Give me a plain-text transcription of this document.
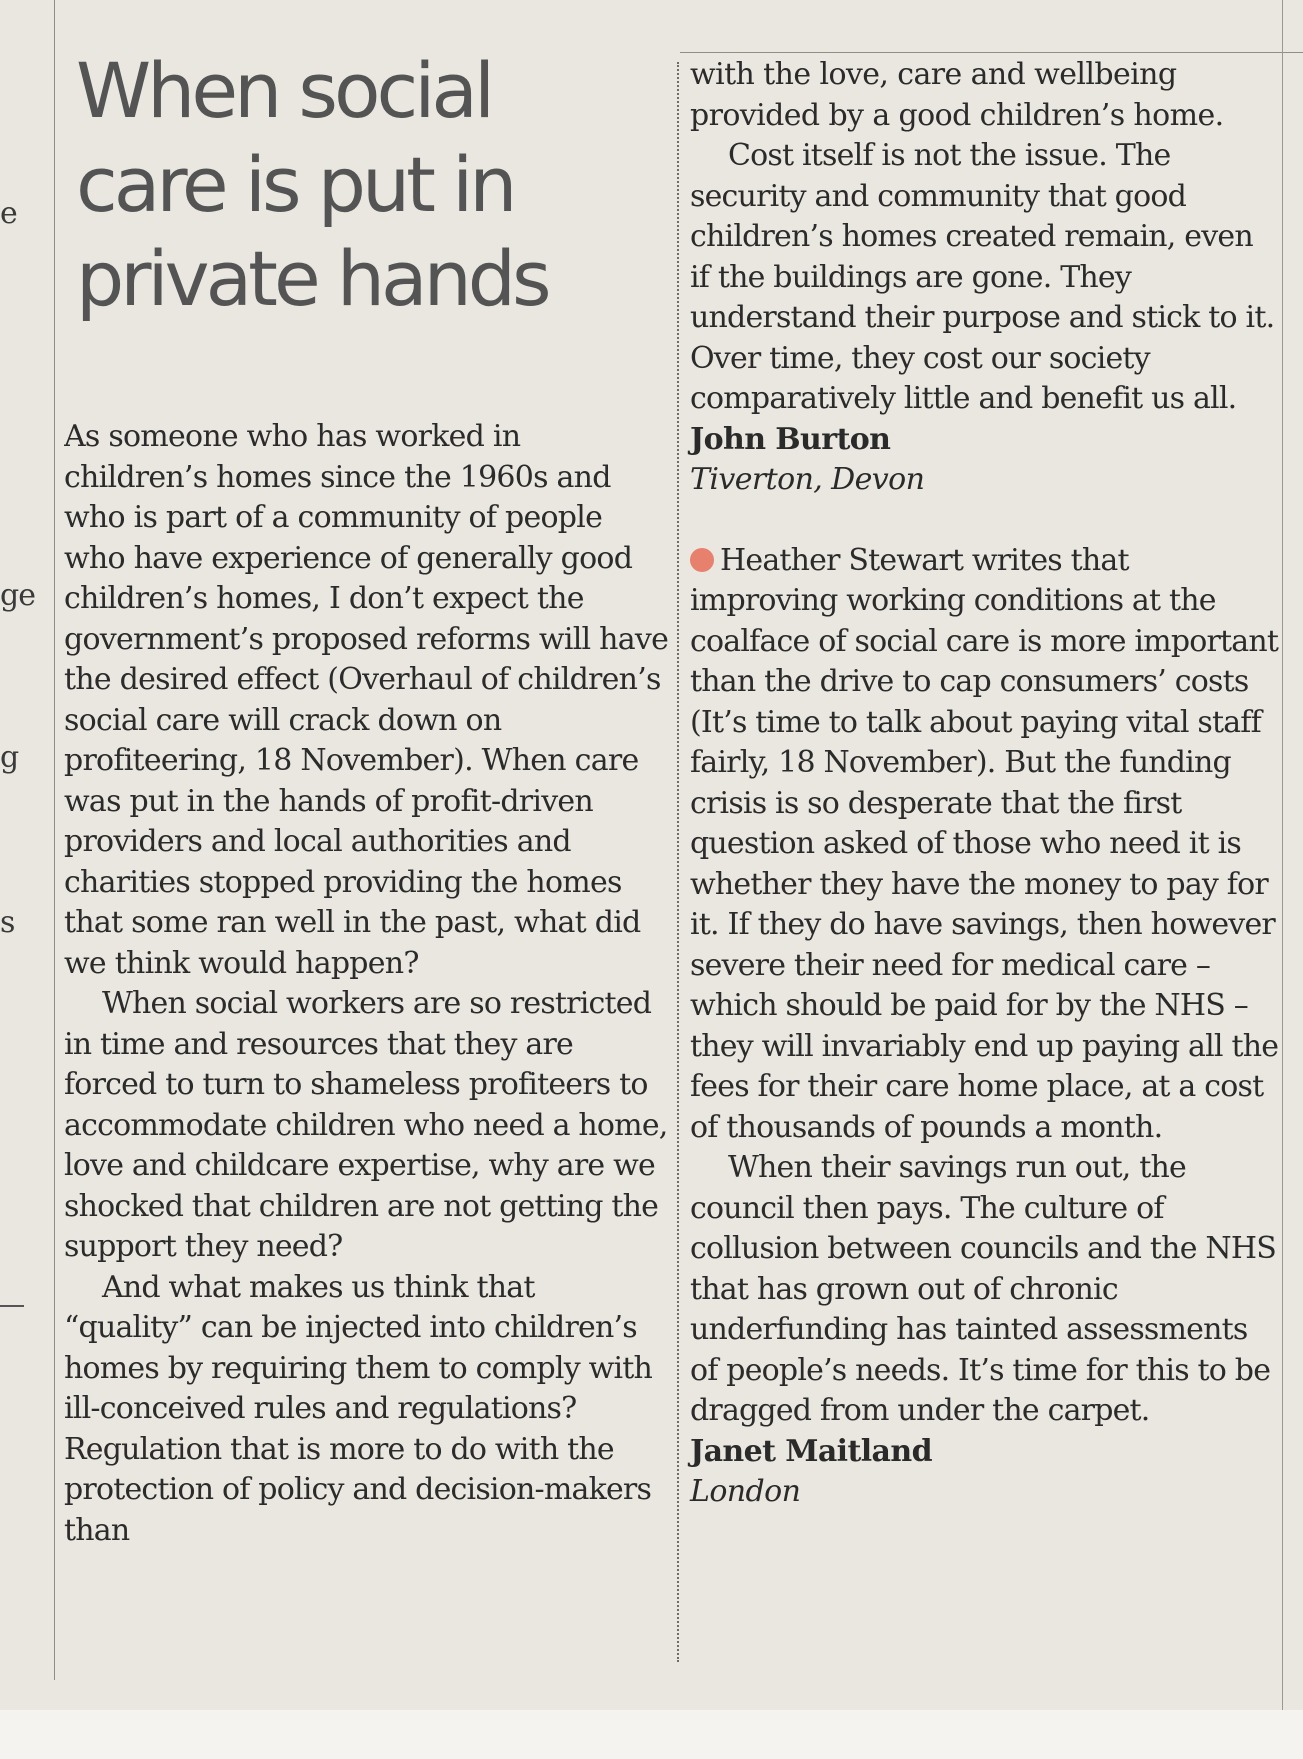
e
ge
g
s
When social care is put in private hands

As someone who has worked in children’s homes since the 1960s and who is part of a community of people who have experience of generally good children’s homes, I don’t expect the government’s proposed reforms will have the desired effect (Overhaul of children’s social care will crack down on profiteering, 18 November). When care was put in the hands of profit-driven providers and local authorities and charities stopped providing the homes that some ran well in the past, what did we think would happen?

When social workers are so restricted in time and resources that they are forced to turn to shameless profiteers to accommodate children who need a home, love and childcare expertise, why are we shocked that children are not getting the support they need?

And what makes us think that “quality” can be injected into children’s homes by requiring them to comply with ill-conceived rules and regulations? Regulation that is more to do with the protection of policy and decision-makers than

with the love, care and wellbeing provided by a good children’s home.

Cost itself is not the issue. The security and community that good children’s homes created remain, even if the buildings are gone. They understand their purpose and stick to it. Over time, they cost our society comparatively little and benefit us all.

John Burton

Tiverton, Devon

Heather Stewart writes that improving working conditions at the coalface of social care is more important than the drive to cap consumers’ costs (It’s time to talk about paying vital staff fairly, 18 November). But the funding crisis is so desperate that the first question asked of those who need it is whether they have the money to pay for it. If they do have savings, then however severe their need for medical care – which should be paid for by the NHS – they will invariably end up paying all the fees for their care home place, at a cost of thousands of pounds a month.

When their savings run out, the council then pays. The culture of collusion between councils and the NHS that has grown out of chronic underfunding has tainted assessments of people’s needs. It’s time for this to be dragged from under the carpet.

Janet Maitland

London
